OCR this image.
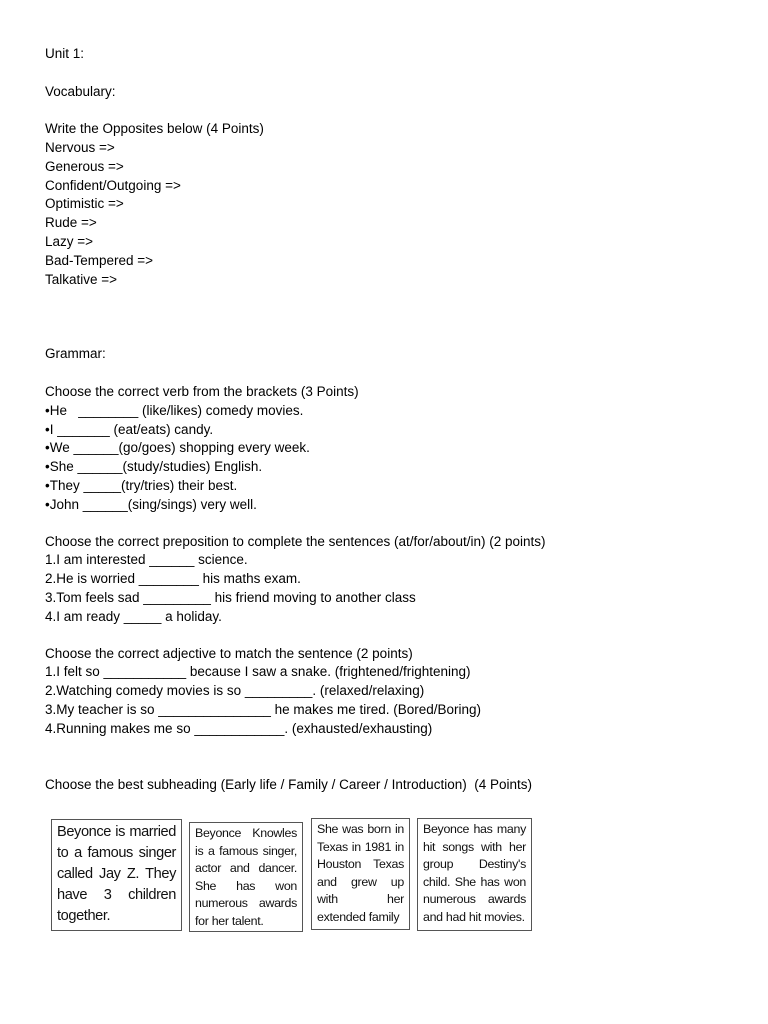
Unit 1:
Vocabulary:
Write the Opposites below (4 Points)
Nervous =>
Generous =>
Confident/Outgoing =>
Optimistic =>
Rude =>
Lazy =>
Bad-Tempered =>
Talkative =>
Grammar:
Choose the correct verb from the brackets (3 Points)
•He   ________ (like/likes) comedy movies.
•I _______ (eat/eats) candy.
•We ______(go/goes) shopping every week.
•She ______(study/studies) English.
•They _____(try/tries) their best.
•John ______(sing/sings) very well.
Choose the correct preposition to complete the sentences (at/for/about/in) (2 points)
1.I am interested ______ science.
2.He is worried ________ his maths exam.
3.Tom feels sad _________ his friend moving to another class
4.I am ready _____ a holiday.
Choose the correct adjective to match the sentence (2 points)
1.I felt so ___________ because I saw a snake. (frightened/frightening)
2.Watching comedy movies is so _________. (relaxed/relaxing)
3.My teacher is so _______________ he makes me tired. (Bored/Boring)
4.Running makes me so ____________. (exhausted/exhausting)
Choose the best subheading (Early life / Family / Career / Introduction)  (4 Points)
Beyonce is married to a famous singer called Jay Z. They have 3 children together.
Beyonce Knowles is a famous singer, actor and dancer. She has won numerous awards for her talent.
She was born in Texas in 1981 in Houston Texas and grew up with her extended family
Beyonce has many hit songs with her group Destiny's child. She has won numerous awards and had hit movies.
